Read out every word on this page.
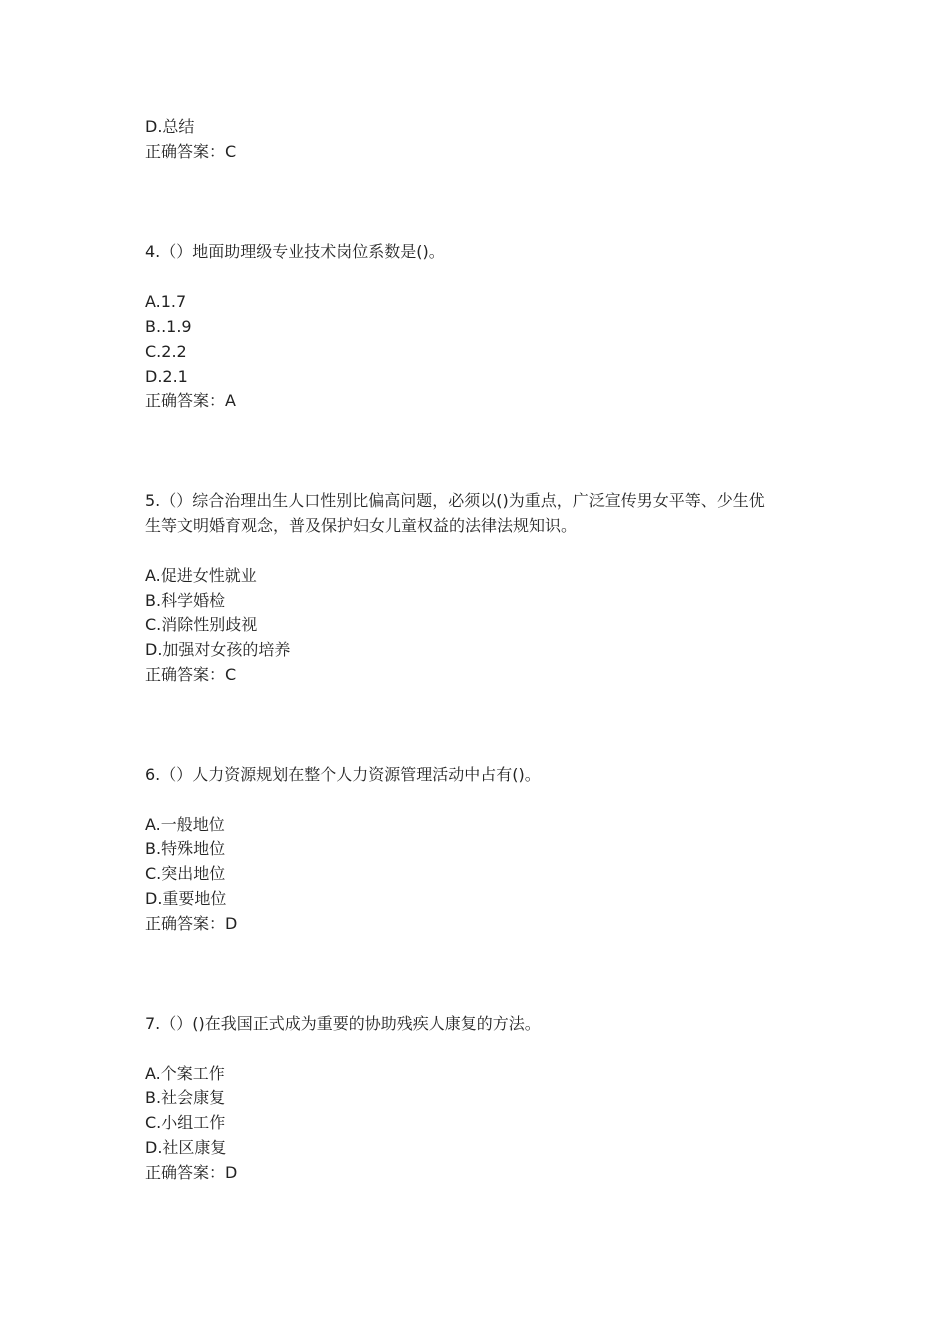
D.总结
正确答案：C
4.（）地面助理级专业技术岗位系数是()。
A.1.7
B..1.9
C.2.2
D.2.1
正确答案：A
5.（）综合治理出生人口性别比偏高问题，必须以()为重点，广泛宣传男女平等、少生优
生等文明婚育观念，普及保护妇女儿童权益的法律法规知识。
A.促进女性就业
B.科学婚检
C.消除性别歧视
D.加强对女孩的培养
正确答案：C
6.（）人力资源规划在整个人力资源管理活动中占有()。
A.一般地位
B.特殊地位
C.突出地位
D.重要地位
正确答案：D
7.（）()在我国正式成为重要的协助残疾人康复的方法。
A.个案工作
B.社会康复
C.小组工作
D.社区康复
正确答案：D
